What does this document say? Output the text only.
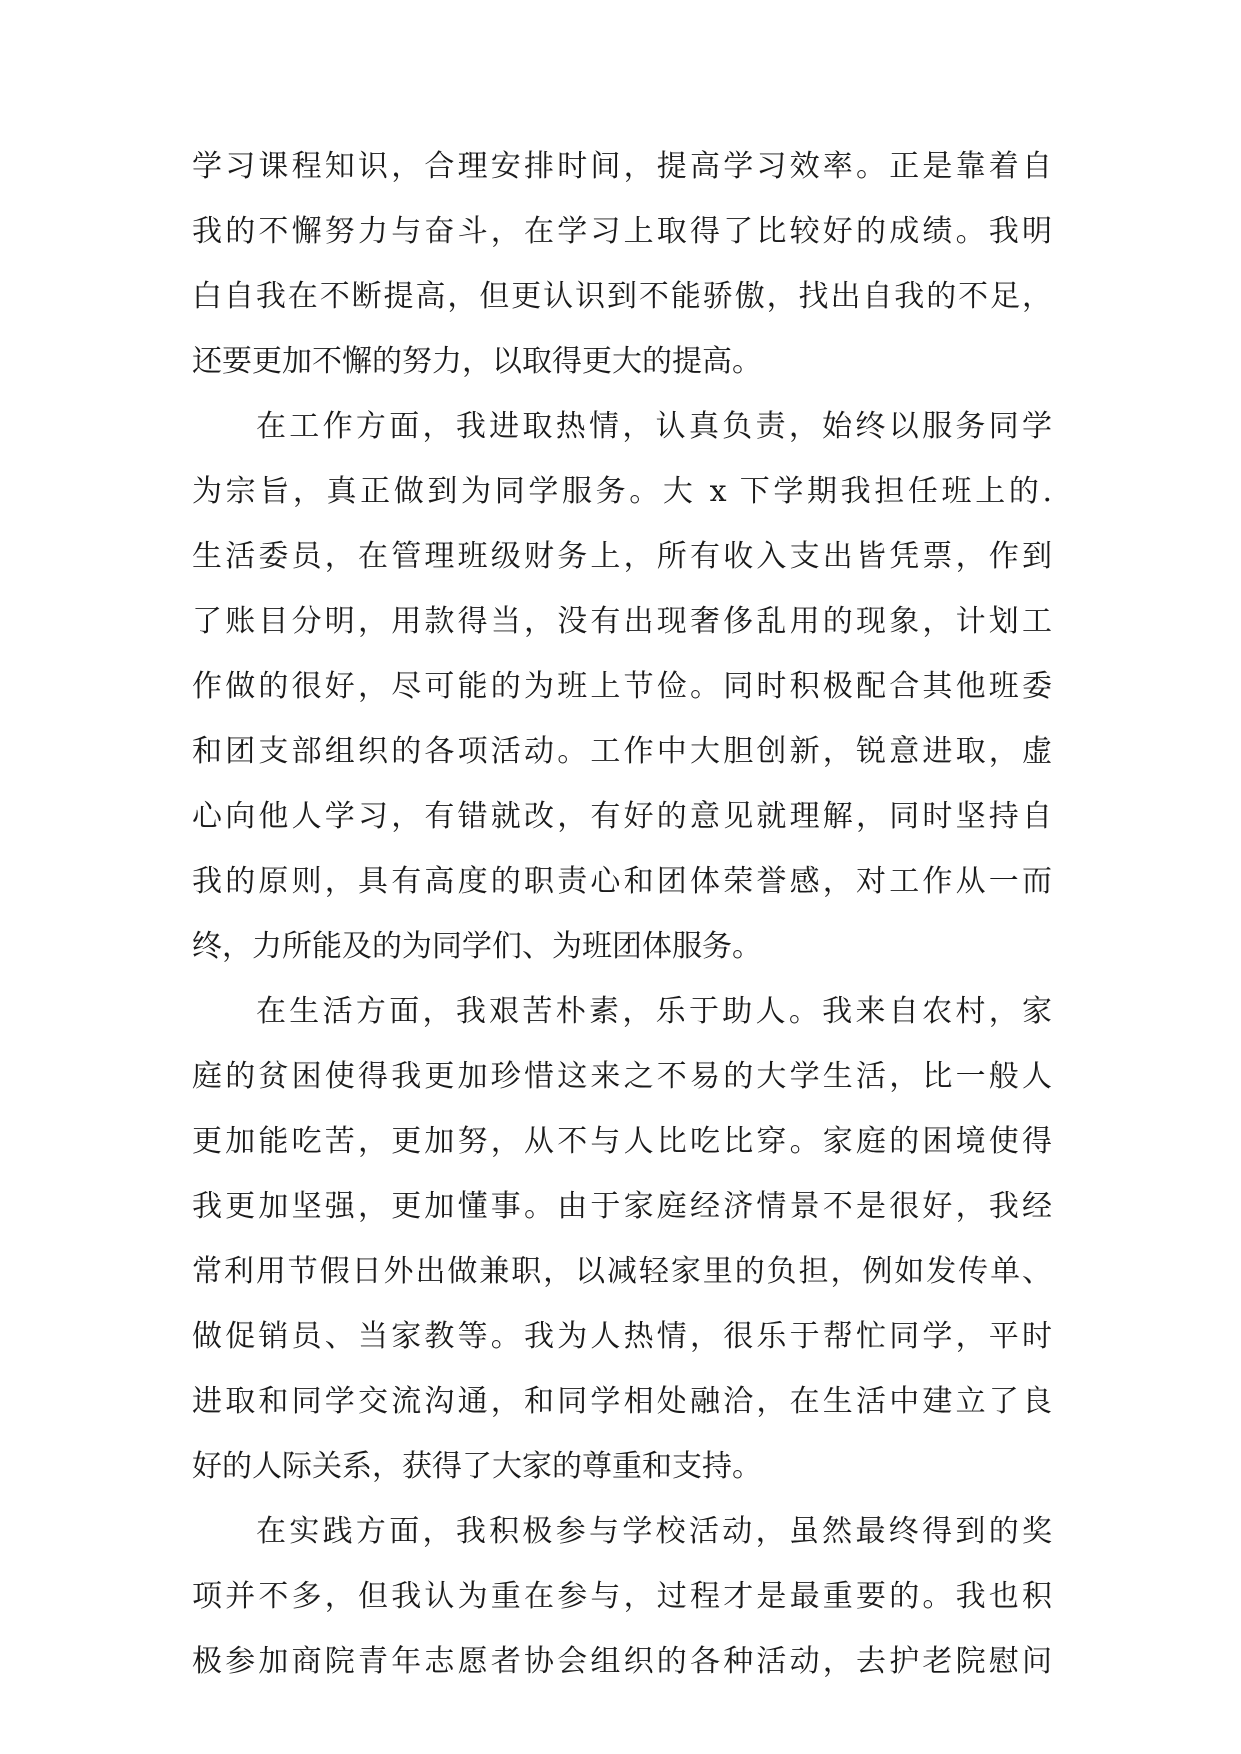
学习课程知识，合理安排时间，提高学习效率。正是靠着自
我的不懈努力与奋斗，在学习上取得了比较好的成绩。我明
白自我在不断提高，但更认识到不能骄傲，找出自我的不足，
还要更加不懈的努力，以取得更大的提高。
在工作方面，我进取热情，认真负责，始终以服务同学
为宗旨，真正做到为同学服务。大 x 下学期我担任班上的.
生活委员，在管理班级财务上，所有收入支出皆凭票，作到
了账目分明，用款得当，没有出现奢侈乱用的现象，计划工
作做的很好，尽可能的为班上节俭。同时积极配合其他班委
和团支部组织的各项活动。工作中大胆创新，锐意进取，虚
心向他人学习，有错就改，有好的意见就理解，同时坚持自
我的原则，具有高度的职责心和团体荣誉感，对工作从一而
终，力所能及的为同学们、为班团体服务。
在生活方面，我艰苦朴素，乐于助人。我来自农村，家
庭的贫困使得我更加珍惜这来之不易的大学生活，比一般人
更加能吃苦，更加努，从不与人比吃比穿。家庭的困境使得
我更加坚强，更加懂事。由于家庭经济情景不是很好，我经
常利用节假日外出做兼职，以减轻家里的负担，例如发传单、
做促销员、当家教等。我为人热情，很乐于帮忙同学，平时
进取和同学交流沟通，和同学相处融洽，在生活中建立了良
好的人际关系，获得了大家的尊重和支持。
在实践方面，我积极参与学校活动，虽然最终得到的奖
项并不多，但我认为重在参与，过程才是最重要的。我也积
极参加商院青年志愿者协会组织的各种活动，去护老院慰问
